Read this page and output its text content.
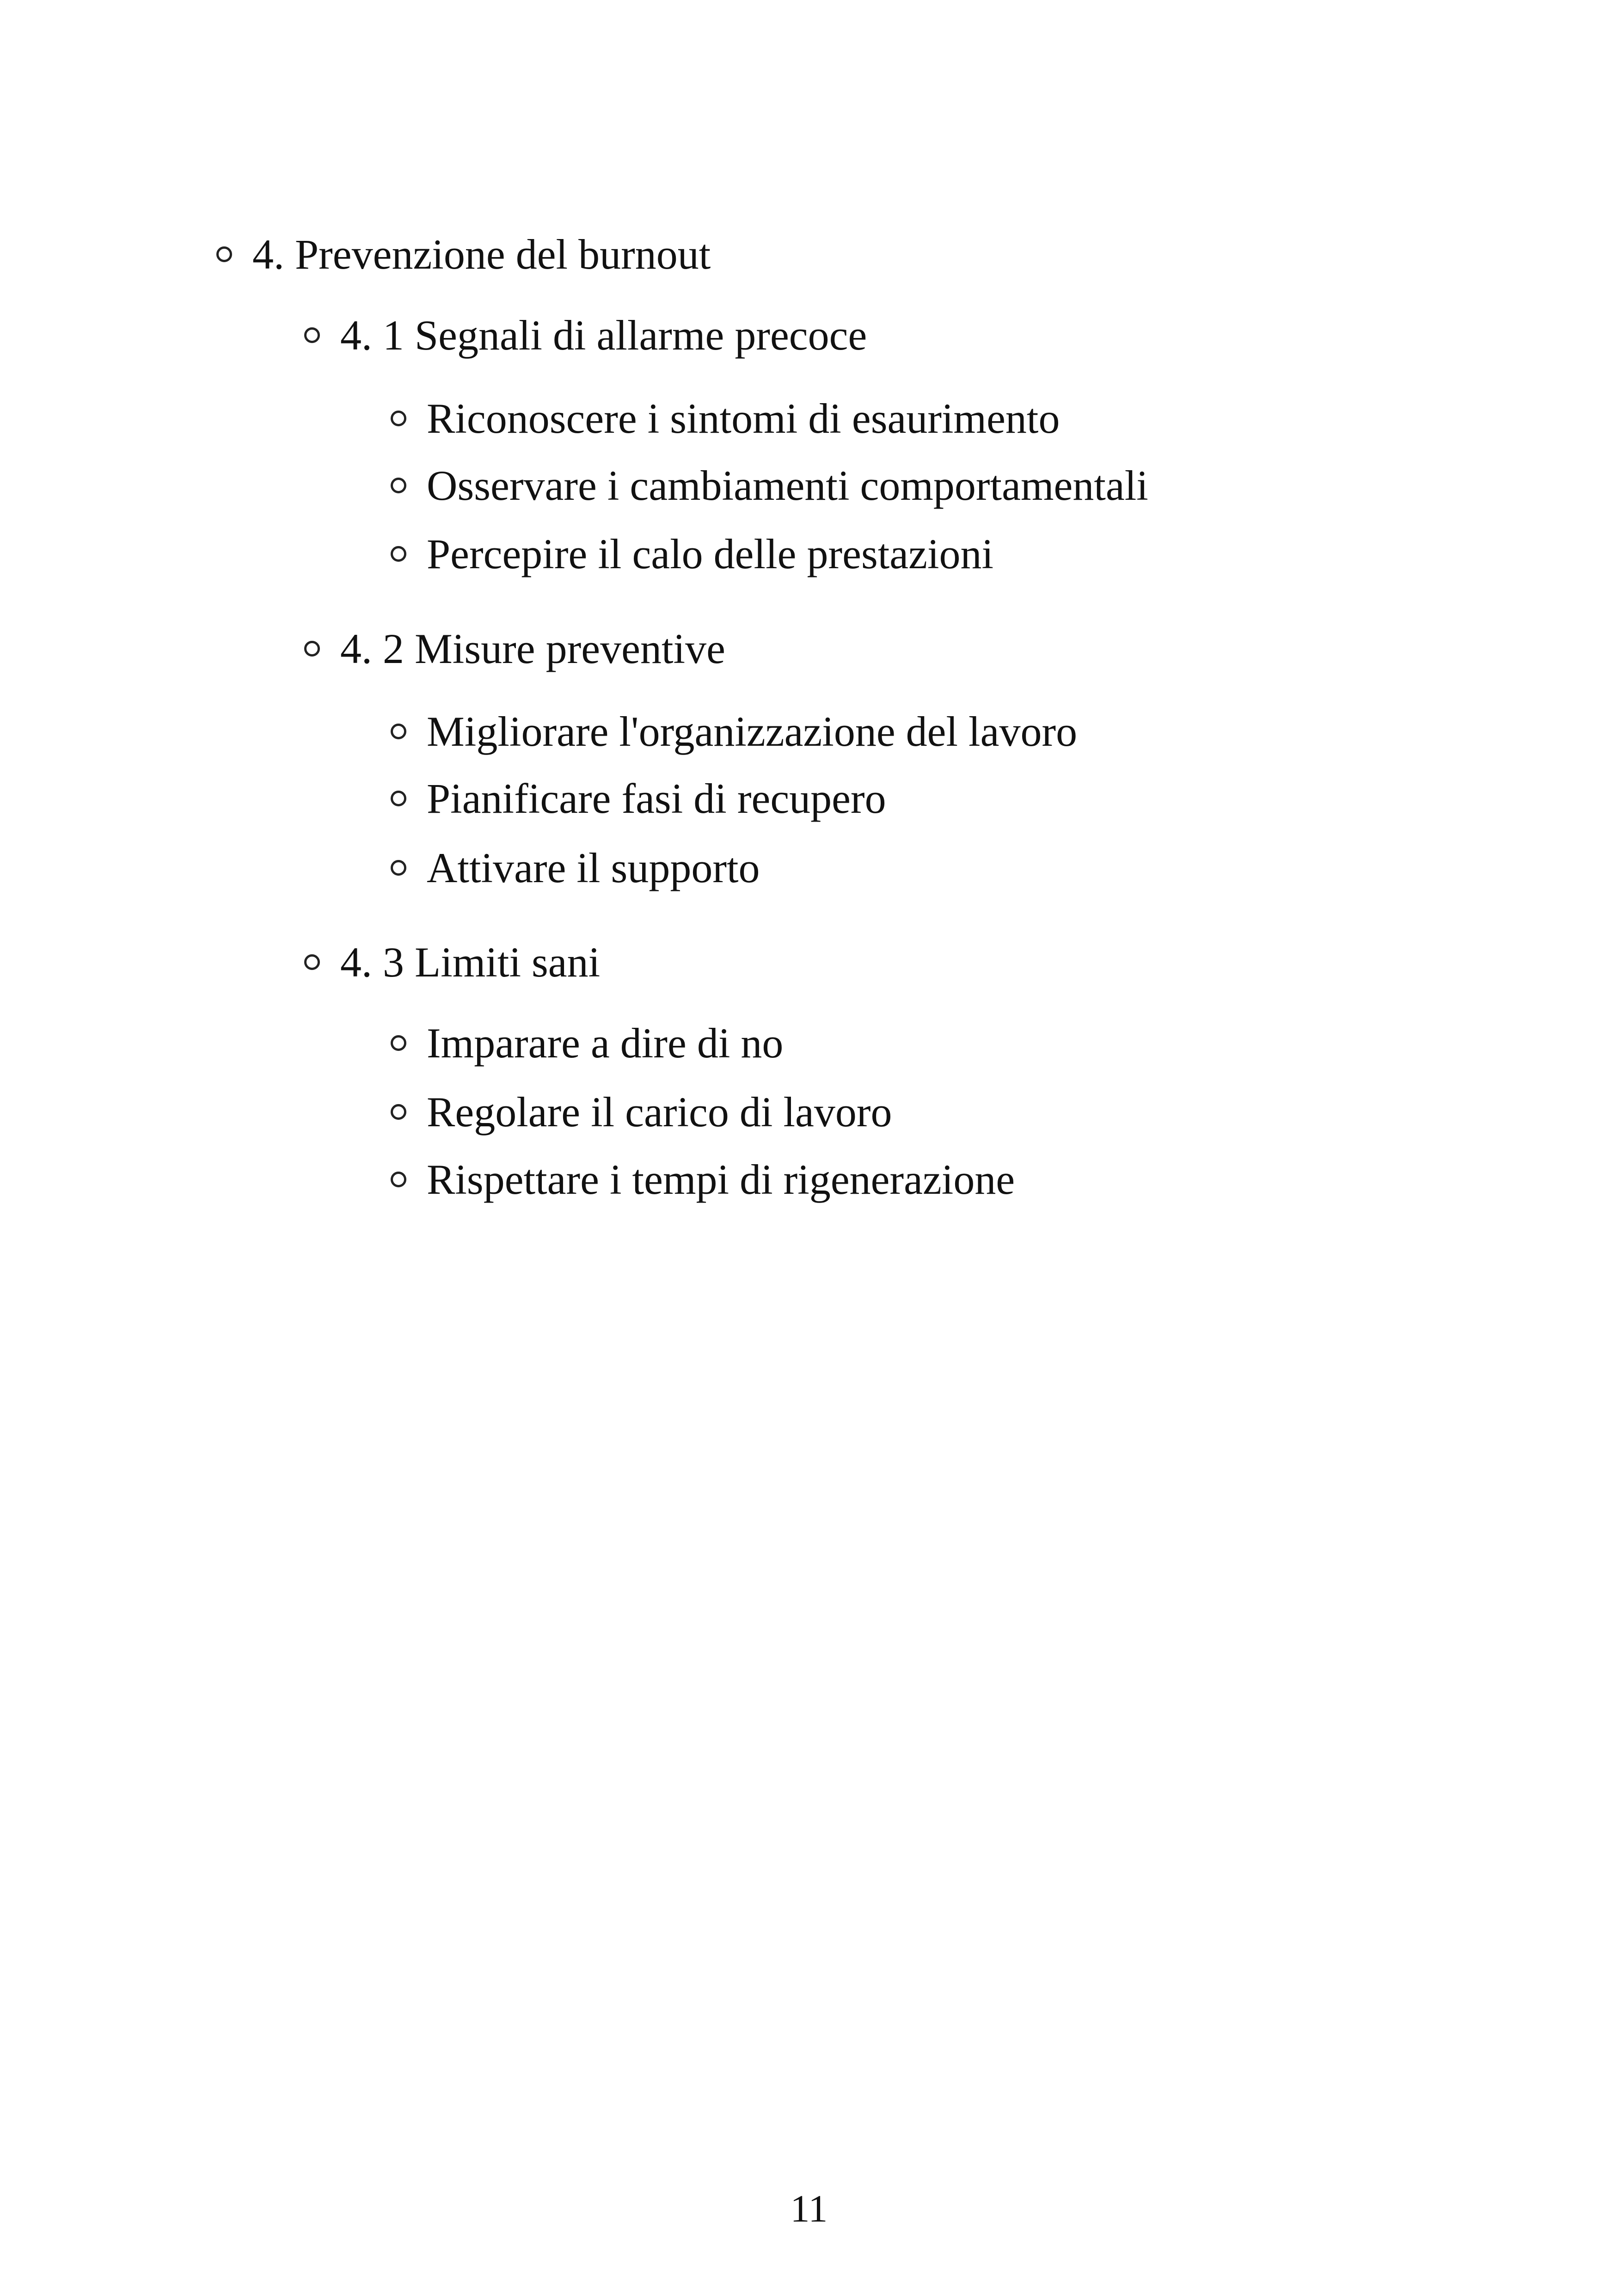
4. Prevenzione del burnout
4. 1 Segnali di allarme precoce
Riconoscere i sintomi di esaurimento
Osservare i cambiamenti comportamentali
Percepire il calo delle prestazioni
4. 2 Misure preventive
Migliorare l'organizzazione del lavoro
Pianificare fasi di recupero
Attivare il supporto
4. 3 Limiti sani
Imparare a dire di no
Regolare il carico di lavoro
Rispettare i tempi di rigenerazione
11
